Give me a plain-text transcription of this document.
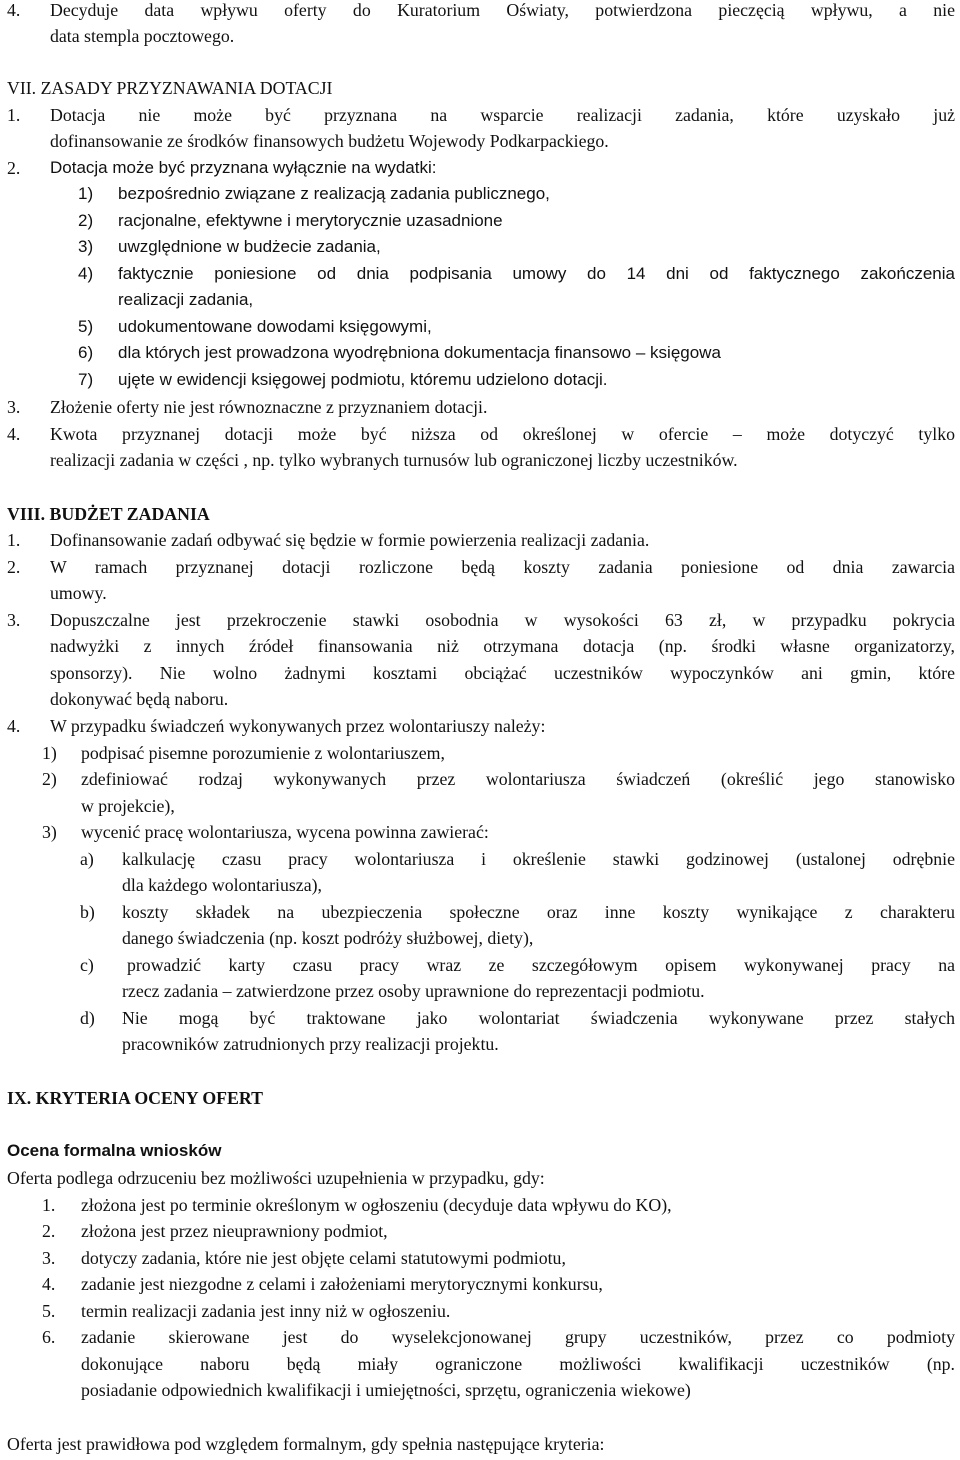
4. Decyduje data wpływu oferty do Kuratorium Oświaty, potwierdzona pieczęcią wpływu, a nie
data stempla pocztowego.
VII. ZASADY PRZYZNAWANIA DOTACJI
1. Dotacja nie może być przyznana na wsparcie realizacji zadania, które uzyskało już
dofinansowanie ze środków finansowych budżetu Wojewody Podkarpackiego.
2. Dotacja może być przyznana wyłącznie na wydatki:
1) bezpośrednio związane z realizacją zadania publicznego,
2) racjonalne, efektywne i merytorycznie uzasadnione
3) uwzględnione w budżecie zadania,
4) faktycznie poniesione od dnia podpisania umowy do 14 dni od faktycznego zakończenia
realizacji zadania,
5) udokumentowane dowodami księgowymi,
6) dla których jest prowadzona wyodrębniona dokumentacja finansowo – księgowa
7) ujęte w ewidencji księgowej podmiotu, któremu udzielono dotacji.
3. Złożenie oferty nie jest równoznaczne z przyznaniem dotacji.
4. Kwota przyznanej dotacji może być niższa od określonej w ofercie – może dotyczyć tylko
realizacji zadania w części , np. tylko wybranych turnusów lub ograniczonej liczby uczestników.
VIII. BUDŻET ZADANIA
1. Dofinansowanie zadań odbywać się będzie w formie powierzenia realizacji zadania.
2. W ramach przyznanej dotacji rozliczone będą koszty zadania poniesione od dnia zawarcia
umowy.
3. Dopuszczalne jest przekroczenie stawki osobodnia w wysokości 63 zł, w przypadku pokrycia
nadwyżki z innych źródeł finansowania niż otrzymana dotacja (np. środki własne organizatorzy,
sponsorzy). Nie wolno żadnymi kosztami obciążać uczestników wypoczynków ani gmin, które
dokonywać będą naboru.
4. W przypadku świadczeń wykonywanych przez wolontariuszy należy:
1) podpisać pisemne porozumienie z wolontariuszem,
2) zdefiniować rodzaj wykonywanych przez wolontariusza świadczeń (określić jego stanowisko
w projekcie),
3) wycenić pracę wolontariusza, wycena powinna zawierać:
a) kalkulację czasu pracy wolontariusza i określenie stawki godzinowej (ustalonej odrębnie
dla każdego wolontariusza),
b) koszty składek na ubezpieczenia społeczne oraz inne koszty wynikające z charakteru
danego świadczenia (np. koszt podróży służbowej, diety),
c) prowadzić karty czasu pracy wraz ze szczegółowym opisem wykonywanej pracy na
rzecz zadania – zatwierdzone przez osoby uprawnione do reprezentacji podmiotu.
d) Nie mogą być traktowane jako wolontariat świadczenia wykonywane przez stałych
pracowników zatrudnionych przy realizacji projektu.
IX. KRYTERIA OCENY OFERT
Ocena formalna wniosków
Oferta podlega odrzuceniu bez możliwości uzupełnienia w przypadku, gdy:
1. złożona jest po terminie określonym w ogłoszeniu (decyduje data wpływu do KO),
2. złożona jest przez nieuprawniony podmiot,
3. dotyczy zadania, które nie jest objęte celami statutowymi podmiotu,
4. zadanie jest niezgodne z celami i założeniami merytorycznymi konkursu,
5. termin realizacji zadania jest inny niż w ogłoszeniu.
6. zadanie skierowane jest do wyselekcjonowanej grupy uczestników, przez co podmioty
dokonujące naboru będą miały ograniczone możliwości kwalifikacji uczestników (np.
posiadanie odpowiednich kwalifikacji i umiejętności, sprzętu, ograniczenia wiekowe)
Oferta jest prawidłowa pod względem formalnym, gdy spełnia następujące kryteria:
